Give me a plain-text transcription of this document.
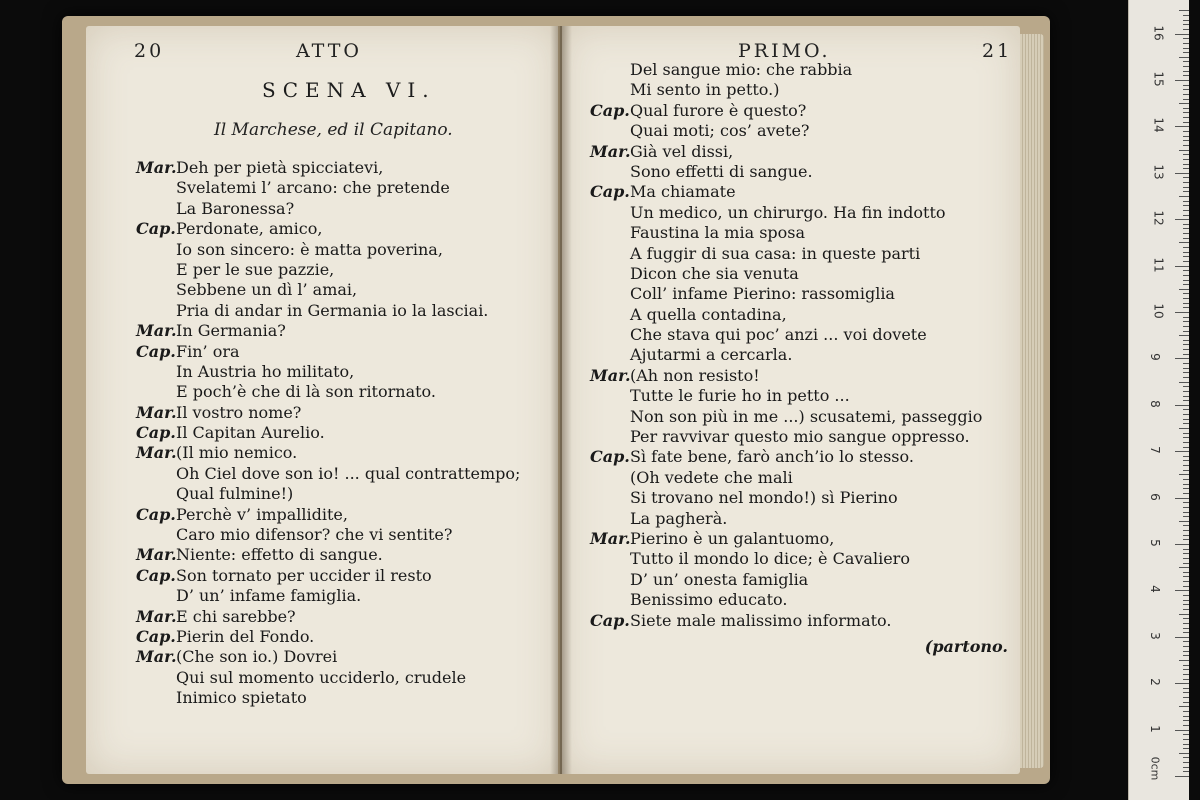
20	ATTO
SCENA VI.
Il Marchese, ed il Capitano.
Mar.Deh per pietà spicciatevi,
Svelatemi l’ arcano: che pretende
La Baronessa?
Cap.Perdonate, amico,
Io son sincero: è matta poverina,
E per le sue pazzie,
Sebbene un dì l’ amai,
Pria di andar in Germania io la lasciai.
Mar.In Germania?
Cap.Fin’ ora
In Austria ho militato,
E poch’è che di là son ritornato.
Mar.Il vostro nome?
Cap.Il Capitan Aurelio.
Mar.(Il mio nemico.
Oh Ciel dove son io! ... qual contrattempo;
Qual fulmine!)
Cap.Perchè v’ impallidite,
Caro mio difensor? che vi sentite?
Mar.Niente: effetto di sangue.
Cap.Son tornato per uccider il resto
D’ un’ infame famiglia.
Mar.E chi sarebbe?
Cap.Pierin del Fondo.
Mar.(Che son io.) Dovrei
Qui sul momento ucciderlo, crudele
Inimico spietato
PRIMO.	21
Del sangue mio: che rabbia
Mi sento in petto.)
Cap.Qual furore è questo?
Quai moti; cos’ avete?
Mar.Già vel dissi,
Sono effetti di sangue.
Cap.Ma chiamate
Un medico, un chirurgo. Ha fin indotto
Faustina la mia sposa
A fuggir di sua casa: in queste parti
Dicon che sia venuta
Coll’ infame Pierino: rassomiglia
A quella contadina,
Che stava qui poc’ anzi ... voi dovete
Ajutarmi a cercarla.
Mar.(Ah non resisto!
Tutte le furie ho in petto ...
Non son più in me ...) scusatemi, passeggio
Per ravvivar questo mio sangue oppresso.
Cap.Sì fate bene, farò anch’io lo stesso.
(Oh vedete che mali
Si trovano nel mondo!) sì Pierino
La pagherà.
Mar.Pierino è un galantuomo,
Tutto il mondo lo dice; è Cavaliero
D’ un’ onesta famiglia
Benissimo educato.
Cap.Siete male malissimo informato.
(partono.
0cm
1
2
3
4
5
6
7
8
9
10
11
12
13
14
15
16
